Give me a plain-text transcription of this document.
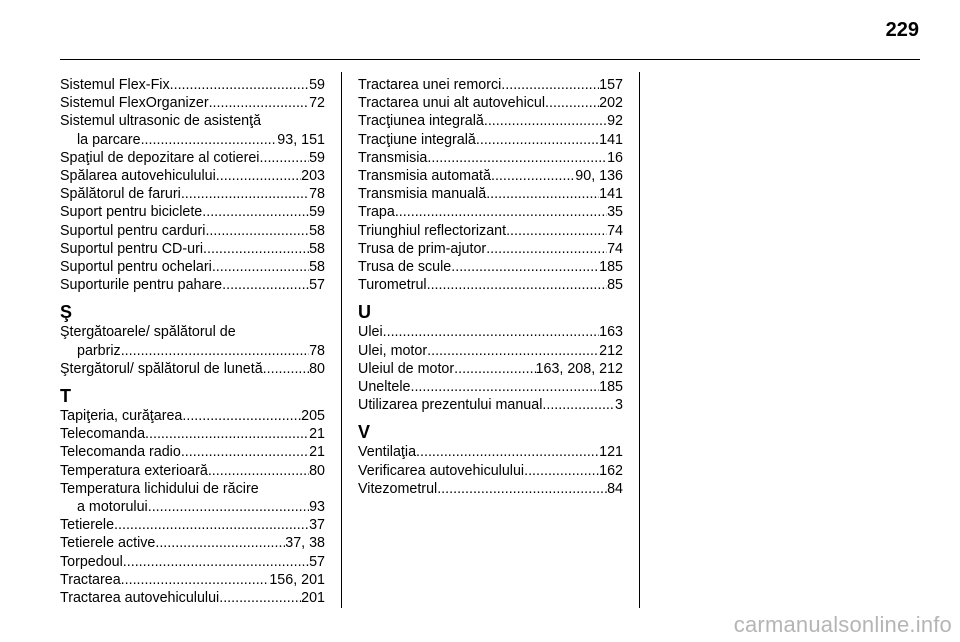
229
Sistemul Flex-Fix .....	59
Sistemul FlexOrganizer .....	72
Sistemul ultrasonic de asistenţă
la parcare .....	93, 151
Spaţiul de depozitare al cotierei .....	59
Spălarea autovehiculului .....	203
Spălătorul de faruri .....	78
Suport pentru biciclete .....	59
Suportul pentru carduri .....	58
Suportul pentru CD-uri .....	58
Suportul pentru ochelari .....	58
Suporturile pentru pahare .....	57
Ş
Ştergătoarele/ spălătorul de
parbriz .....	78
Ştergătorul/ spălătorul de lunetă .....	80
T
Tapiţeria, curăţarea .....	205
Telecomanda .....	21
Telecomanda radio .....	21
Temperatura exterioară .....	80
Temperatura lichidului de răcire
a motorului .....	93
Tetierele .....	37
Tetierele active .....	37, 38
Torpedoul .....	57
Tractarea .....	156, 201
Tractarea autovehiculului .....	201
Tractarea unei remorci .....	157
Tractarea unui alt autovehicul .....	202
Tracţiunea integrală .....	92
Tracţiune integrală .....	141
Transmisia .....	16
Transmisia automată .....	90, 136
Transmisia manuală .....	141
Trapa .....	35
Triunghiul reflectorizant .....	74
Trusa de prim-ajutor .....	74
Trusa de scule .....	185
Turometrul .....	85
U
Ulei .....	163
Ulei, motor .....	212
Uleiul de motor .....	163, 208, 212
Uneltele .....	185
Utilizarea prezentului manual .....	3
V
Ventilaţia .....	121
Verificarea autovehiculului .....	162
Vitezometrul .....	84
carmanualsonline.info
